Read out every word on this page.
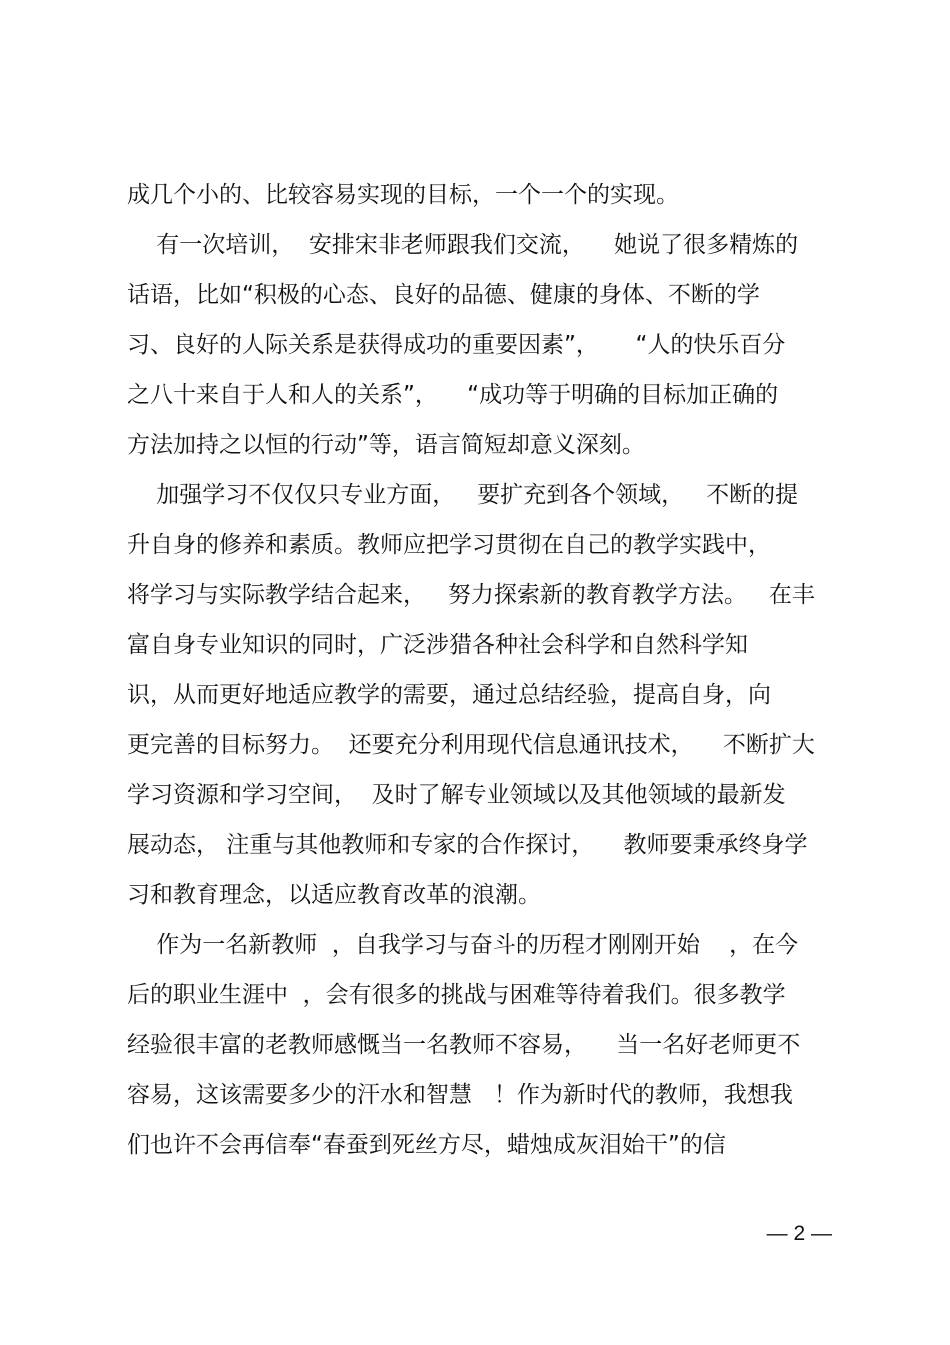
成几个小的、比较容易实现的目标，一个一个的实现。
有一次培训，  安排宋非老师跟我们交流，    她说了很多精炼的
话语，比如“积极的心态、良好的品德、健康的身体、不断的学
习、良好的人际关系是获得成功的重要因素”，     “人的快乐百分
之八十来自于人和人的关系”，    “成功等于明确的目标加正确的
方法加持之以恒的行动”等，语言简短却意义深刻。
加强学习不仅仅只专业方面，   要扩充到各个领域，   不断的提
升自身的修养和素质。教师应把学习贯彻在自己的教学实践中，
将学习与实际教学结合起来，   努力探索新的教育教学方法。   在丰
富自身专业知识的同时，广泛涉猎各种社会科学和自然科学知
识，从而更好地适应教学的需要，通过总结经验，提高自身，向
更完善的目标努力。  还要充分利用现代信息通讯技术，    不断扩大
学习资源和学习空间，  及时了解专业领域以及其他领域的最新发
展动态， 注重与其他教师和专家的合作探讨，    教师要秉承终身学
习和教育理念，以适应教育改革的浪潮。
作为一名新教师  ，自我学习与奋斗的历程才刚刚开始    ，在今
后的职业生涯中  ，会有很多的挑战与困难等待着我们。很多教学
经验很丰富的老教师感慨当一名教师不容易，    当一名好老师更不
容易，这该需要多少的汗水和智慧   ！作为新时代的教师，我想我
们也许不会再信奉“春蚕到死丝方尽，蜡烛成灰泪始干”的信
— 2 —
